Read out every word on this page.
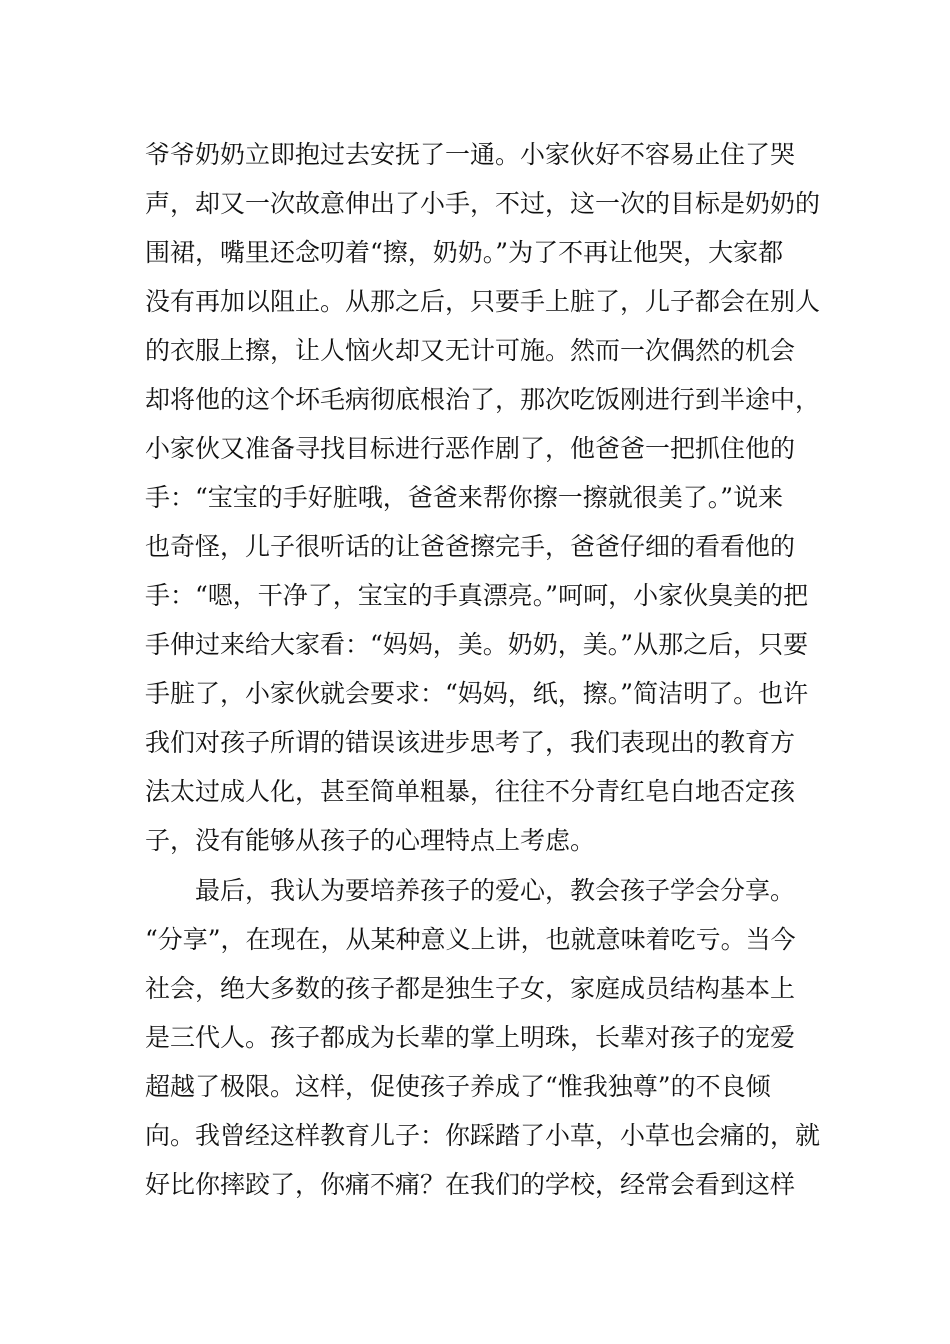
爷爷奶奶立即抱过去安抚了一通。小家伙好不容易止住了哭
声，却又一次故意伸出了小手，不过，这一次的目标是奶奶的
围裙，嘴里还念叨着“擦，奶奶。”为了不再让他哭，大家都
没有再加以阻止。从那之后，只要手上脏了，儿子都会在别人
的衣服上擦，让人恼火却又无计可施。然而一次偶然的机会
却将他的这个坏毛病彻底根治了，那次吃饭刚进行到半途中，
小家伙又准备寻找目标进行恶作剧了，他爸爸一把抓住他的
手：“宝宝的手好脏哦，爸爸来帮你擦一擦就很美了。”说来
也奇怪，儿子很听话的让爸爸擦完手，爸爸仔细的看看他的
手：“嗯，干净了，宝宝的手真漂亮。”呵呵，小家伙臭美的把
手伸过来给大家看：“妈妈，美。奶奶，美。”从那之后，只要
手脏了，小家伙就会要求：“妈妈，纸，擦。”简洁明了。也许
我们对孩子所谓的错误该进步思考了，我们表现出的教育方
法太过成人化，甚至简单粗暴，往往不分青红皂白地否定孩
子，没有能够从孩子的心理特点上考虑。
　　最后，我认为要培养孩子的爱心，教会孩子学会分享。
“分享”，在现在，从某种意义上讲，也就意味着吃亏。当今
社会，绝大多数的孩子都是独生子女，家庭成员结构基本上
是三代人。孩子都成为长辈的掌上明珠，长辈对孩子的宠爱
超越了极限。这样，促使孩子养成了“惟我独尊”的不良倾
向。我曾经这样教育儿子：你踩踏了小草，小草也会痛的，就
好比你摔跤了，你痛不痛？在我们的学校，经常会看到这样
